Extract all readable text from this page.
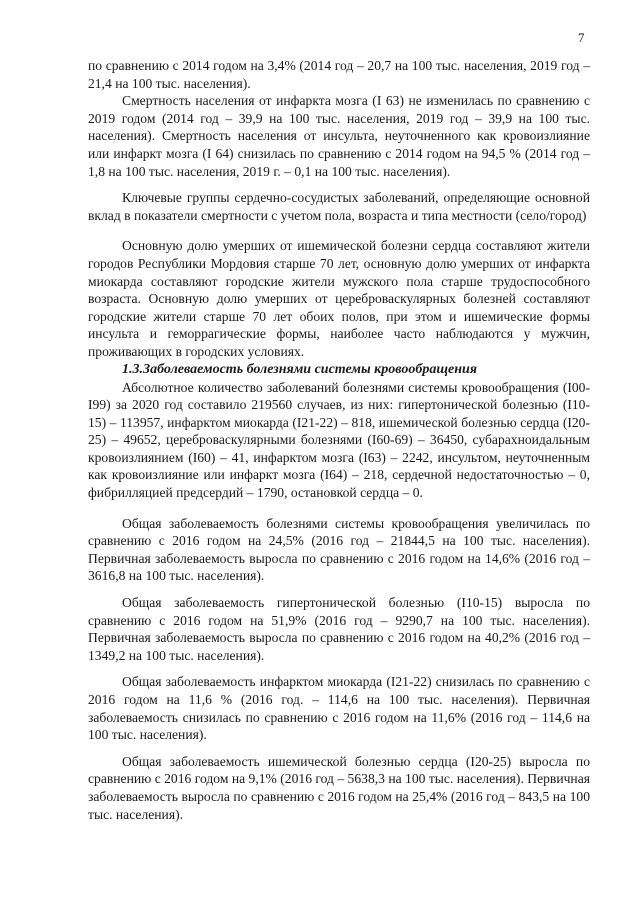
7

по сравнению с 2014 годом на 3,4% (2014 год – 20,7 на 100 тыс. населения, 2019 год – 21,4 на 100 тыс. населения).

Смертность населения от инфаркта мозга (I 63) не изменилась по сравнению с 2019 годом (2014 год – 39,9 на 100 тыс. населения, 2019 год – 39,9 на 100 тыс. населения). Смертность населения от инсульта, неуточненного как кровоизлияние или инфаркт мозга (I 64) снизилась по сравнению с 2014 годом на 94,5 % (2014 год – 1,8 на 100 тыс. населения, 2019 г. – 0,1 на 100 тыс. населения).

Ключевые группы сердечно-сосудистых заболеваний, определяющие основной вклад в показатели смертности с учетом пола, возраста и типа местности (село/город)

Основную долю умерших от ишемической болезни сердца составляют жители городов Республики Мордовия старше 70 лет, основную долю умерших от инфаркта миокарда составляют городские жители мужского пола старше трудоспособного возраста. Основную долю умерших от цереброваскулярных болезней составляют городские жители старше 70 лет обоих полов, при этом и ишемические формы инсульта и геморрагические формы, наиболее часто наблюдаются у мужчин, проживающих в городских условиях.

1.3.Заболеваемость болезнями системы кровообращения

Абсолютное количество заболеваний болезнями системы кровообращения (I00-I99) за 2020 год составило 219560 случаев, из них: гипертонической болезнью (I10-15) – 113957, инфарктом миокарда (I21-22) – 818, ишемической болезнью сердца (I20-25) – 49652, цереброваскулярными болезнями (I60-69) – 36450, субарахноидальным кровоизлиянием (I60) – 41, инфарктом мозга (I63) – 2242, инсультом, неуточненным как кровоизлияние или инфаркт мозга (I64) – 218, сердечной недостаточностью – 0, фибрилляцией предсердий – 1790, остановкой сердца – 0.

Общая заболеваемость болезнями системы кровообращения увеличилась по сравнению с 2016 годом на 24,5% (2016 год – 21844,5 на 100 тыс. населения). Первичная заболеваемость выросла по сравнению с 2016 годом на 14,6% (2016 год – 3616,8 на 100 тыс. населения).

Общая заболеваемость гипертонической болезнью (I10-15) выросла по сравнению с 2016 годом на 51,9% (2016 год – 9290,7 на 100 тыс. населения). Первичная заболеваемость выросла по сравнению с 2016 годом на 40,2% (2016 год – 1349,2 на 100 тыс. населения).

Общая заболеваемость инфарктом миокарда (I21-22) снизилась по сравнению с 2016 годом на 11,6 % (2016 год. – 114,6 на 100 тыс. населения). Первичная заболеваемость снизилась по сравнению с 2016 годом на 11,6% (2016 год – 114,6 на 100 тыс. населения).

Общая заболеваемость ишемической болезнью сердца (I20-25) выросла по сравнению с 2016 годом на 9,1% (2016 год – 5638,3 на 100 тыс. населения). Первичная заболеваемость выросла по сравнению с 2016 годом на 25,4% (2016 год – 843,5 на 100 тыс. населения).
